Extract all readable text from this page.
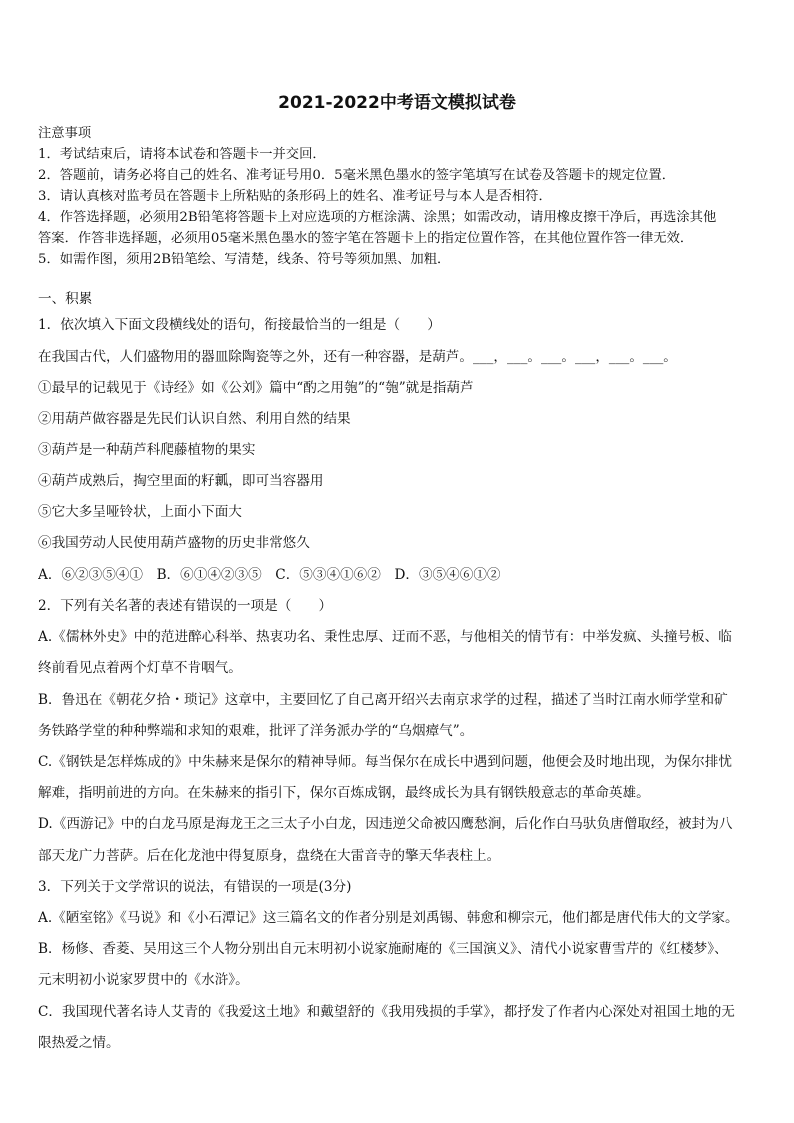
2021-2022中考语文模拟试卷
注意事项
1．考试结束后，请将本试卷和答题卡一并交回．
2．答题前，请务必将自己的姓名、准考证号用0．5毫米黑色墨水的签字笔填写在试卷及答题卡的规定位置．
3．请认真核对监考员在答题卡上所粘贴的条形码上的姓名、准考证号与本人是否相符．
4．作答选择题，必须用2B铅笔将答题卡上对应选项的方框涂满、涂黑；如需改动，请用橡皮擦干净后，再选涂其他
答案．作答非选择题，必须用05毫米黑色墨水的签字笔在答题卡上的指定位置作答，在其他位置作答一律无效．
5．如需作图，须用2B铅笔绘、写清楚，线条、符号等须加黑、加粗．
一、积累
1．依次填入下面文段横线处的语句，衔接最恰当的一组是（　　）
在我国古代，人们盛物用的器皿除陶瓷等之外，还有一种容器，是葫芦。___，___。___。___，___。___。
①最早的记载见于《诗经》如《公刘》篇中“酌之用匏”的“匏”就是指葫芦
②用葫芦做容器是先民们认识自然、利用自然的结果
③葫芦是一种葫芦科爬藤植物的果实
④葫芦成熟后，掏空里面的籽瓤，即可当容器用
⑤它大多呈哑铃状，上面小下面大
⑥我国劳动人民使用葫芦盛物的历史非常悠久
A．⑥②③⑤④①　B．⑥①④②③⑤　C．⑤③④①⑥②　D．③⑤④⑥①②
2．下列有关名著的表述有错误的一项是（　　）
A.《儒林外史》中的范进醉心科举、热衷功名、秉性忠厚、迂而不恶，与他相关的情节有：中举发疯、头撞号板、临
终前看见点着两个灯草不肯咽气。
B．鲁迅在《朝花夕拾・琐记》这章中，主要回忆了自己离开绍兴去南京求学的过程，描述了当时江南水师学堂和矿
务铁路学堂的种种弊端和求知的艰难，批评了洋务派办学的“乌烟瘴气”。
C.《钢铁是怎样炼成的》中朱赫来是保尔的精神导师。每当保尔在成长中遇到问题，他便会及时地出现，为保尔排忧
解难，指明前进的方向。在朱赫来的指引下，保尔百炼成钢，最终成长为具有钢铁般意志的革命英雄。
D.《西游记》中的白龙马原是海龙王之三太子小白龙，因违逆父命被囚鹰愁涧，后化作白马驮负唐僧取经，被封为八
部天龙广力菩萨。后在化龙池中得复原身，盘绕在大雷音寺的擎天华表柱上。
3．下列关于文学常识的说法，有错误的一项是(3分)
A.《陋室铭》《马说》和《小石潭记》这三篇名文的作者分别是刘禹锡、韩愈和柳宗元，他们都是唐代伟大的文学家。
B．杨修、香菱、吴用这三个人物分别出自元末明初小说家施耐庵的《三国演义》、清代小说家曹雪芹的《红楼梦》、
元末明初小说家罗贯中的《水浒》。
C．我国现代著名诗人艾青的《我爱这土地》和戴望舒的《我用残损的手掌》，都抒发了作者内心深处对祖国土地的无
限热爱之情。
